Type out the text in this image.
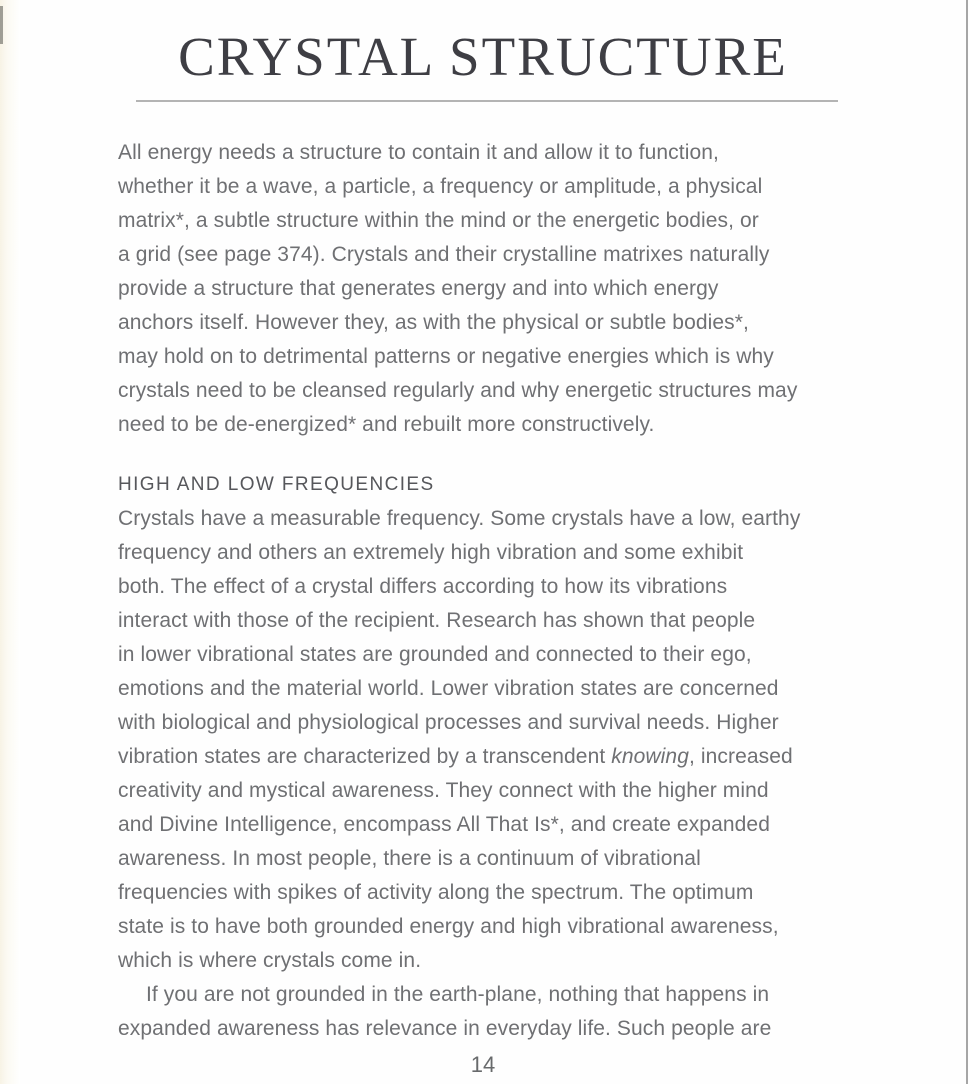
CRYSTAL STRUCTURE
All energy needs a structure to contain it and allow it to function,
whether it be a wave, a particle, a frequency or amplitude, a physical
matrix*, a subtle structure within the mind or the energetic bodies, or
a grid (see page 374). Crystals and their crystalline matrixes naturally
provide a structure that generates energy and into which energy
anchors itself. However they, as with the physical or subtle bodies*,
may hold on to detrimental patterns or negative energies which is why
crystals need to be cleansed regularly and why energetic structures may
need to be de-energized* and rebuilt more constructively.
HIGH AND LOW FREQUENCIES
Crystals have a measurable frequency. Some crystals have a low, earthy
frequency and others an extremely high vibration and some exhibit
both. The effect of a crystal differs according to how its vibrations
interact with those of the recipient. Research has shown that people
in lower vibrational states are grounded and connected to their ego,
emotions and the material world. Lower vibration states are concerned
with biological and physiological processes and survival needs. Higher
vibration states are characterized by a transcendent knowing, increased
creativity and mystical awareness. They connect with the higher mind
and Divine Intelligence, encompass All That Is*, and create expanded
awareness. In most people, there is a continuum of vibrational
frequencies with spikes of activity along the spectrum. The optimum
state is to have both grounded energy and high vibrational awareness,
which is where crystals come in.
If you are not grounded in the earth-plane, nothing that happens in
expanded awareness has relevance in everyday life. Such people are
14
